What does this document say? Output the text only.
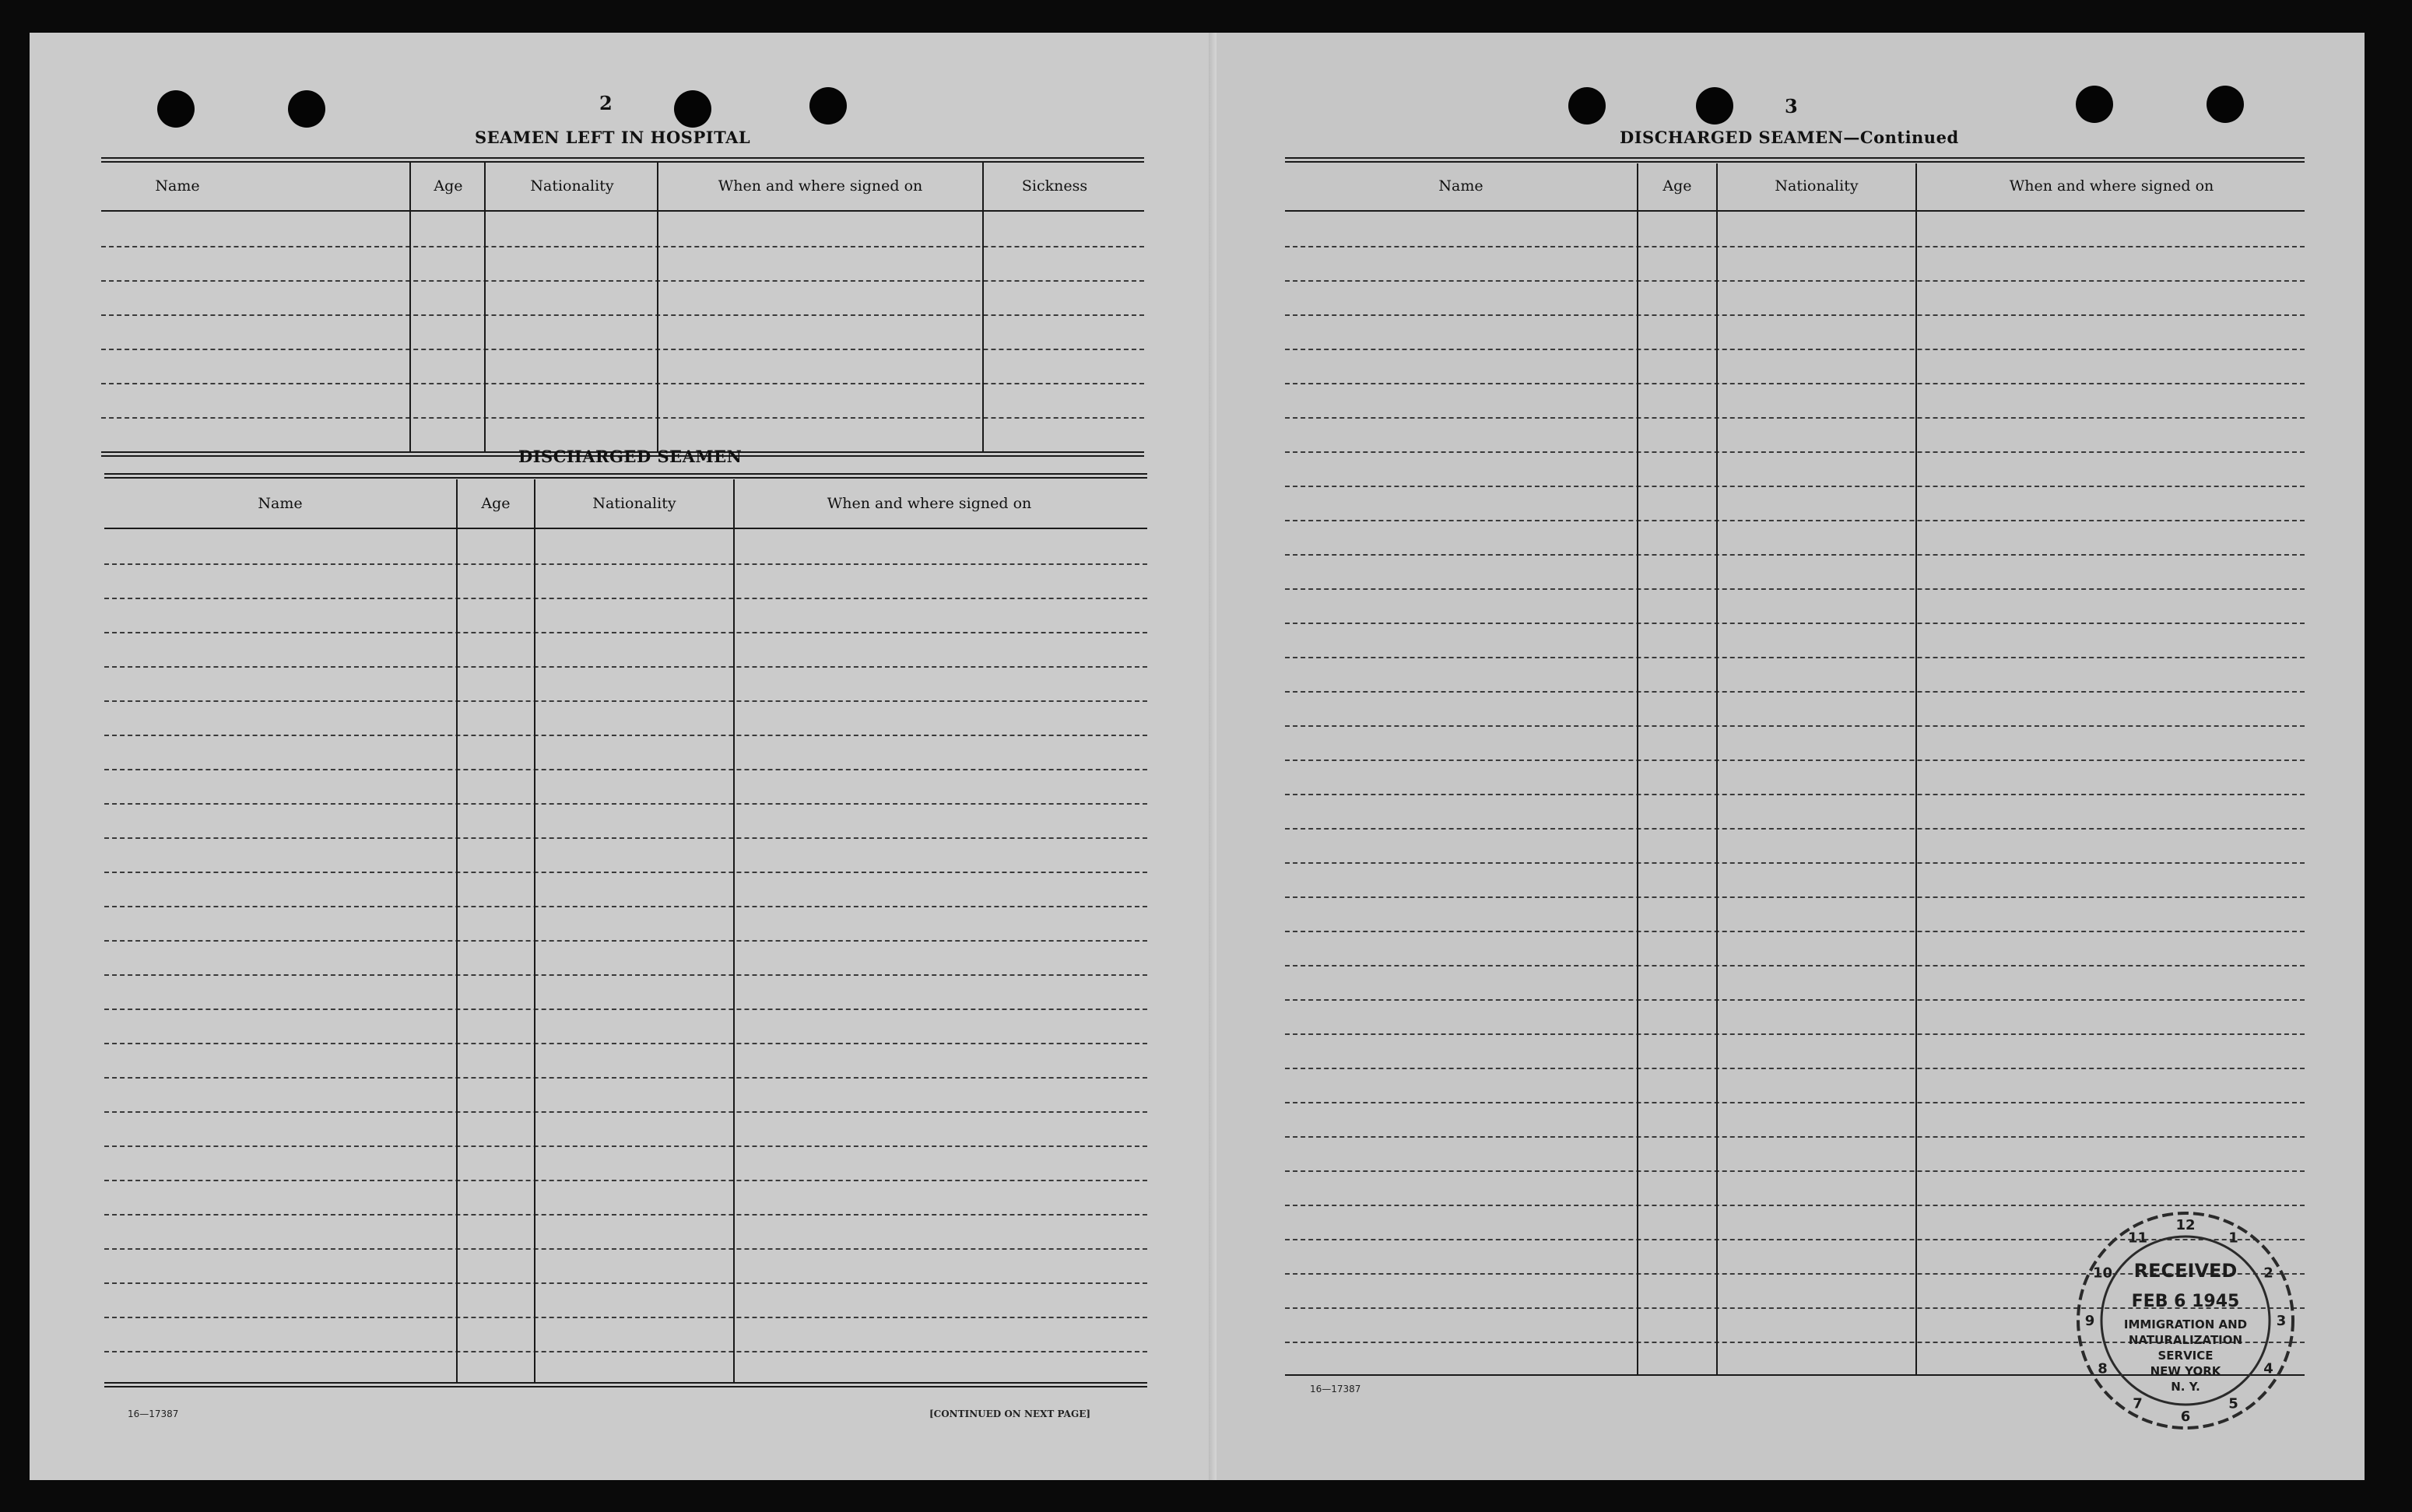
2
SEAMEN LEFT IN HOSPITAL
Name	Age	Nationality	When and where signed on	Sickness
DISCHARGED SEAMEN
Name	Age	Nationality	When and where signed on
16—17387	[CONTINUED ON NEXT PAGE]
3
DISCHARGED SEAMEN—Continued
Name	Age	Nationality	When and where signed on
16—17387
10
11
12
1
2
3
4
5
6
7
8
9
RECEIVED
FEB 6 1945
IMMIGRATION AND
NATURALIZATION
SERVICE
NEW YORK
N. Y.
